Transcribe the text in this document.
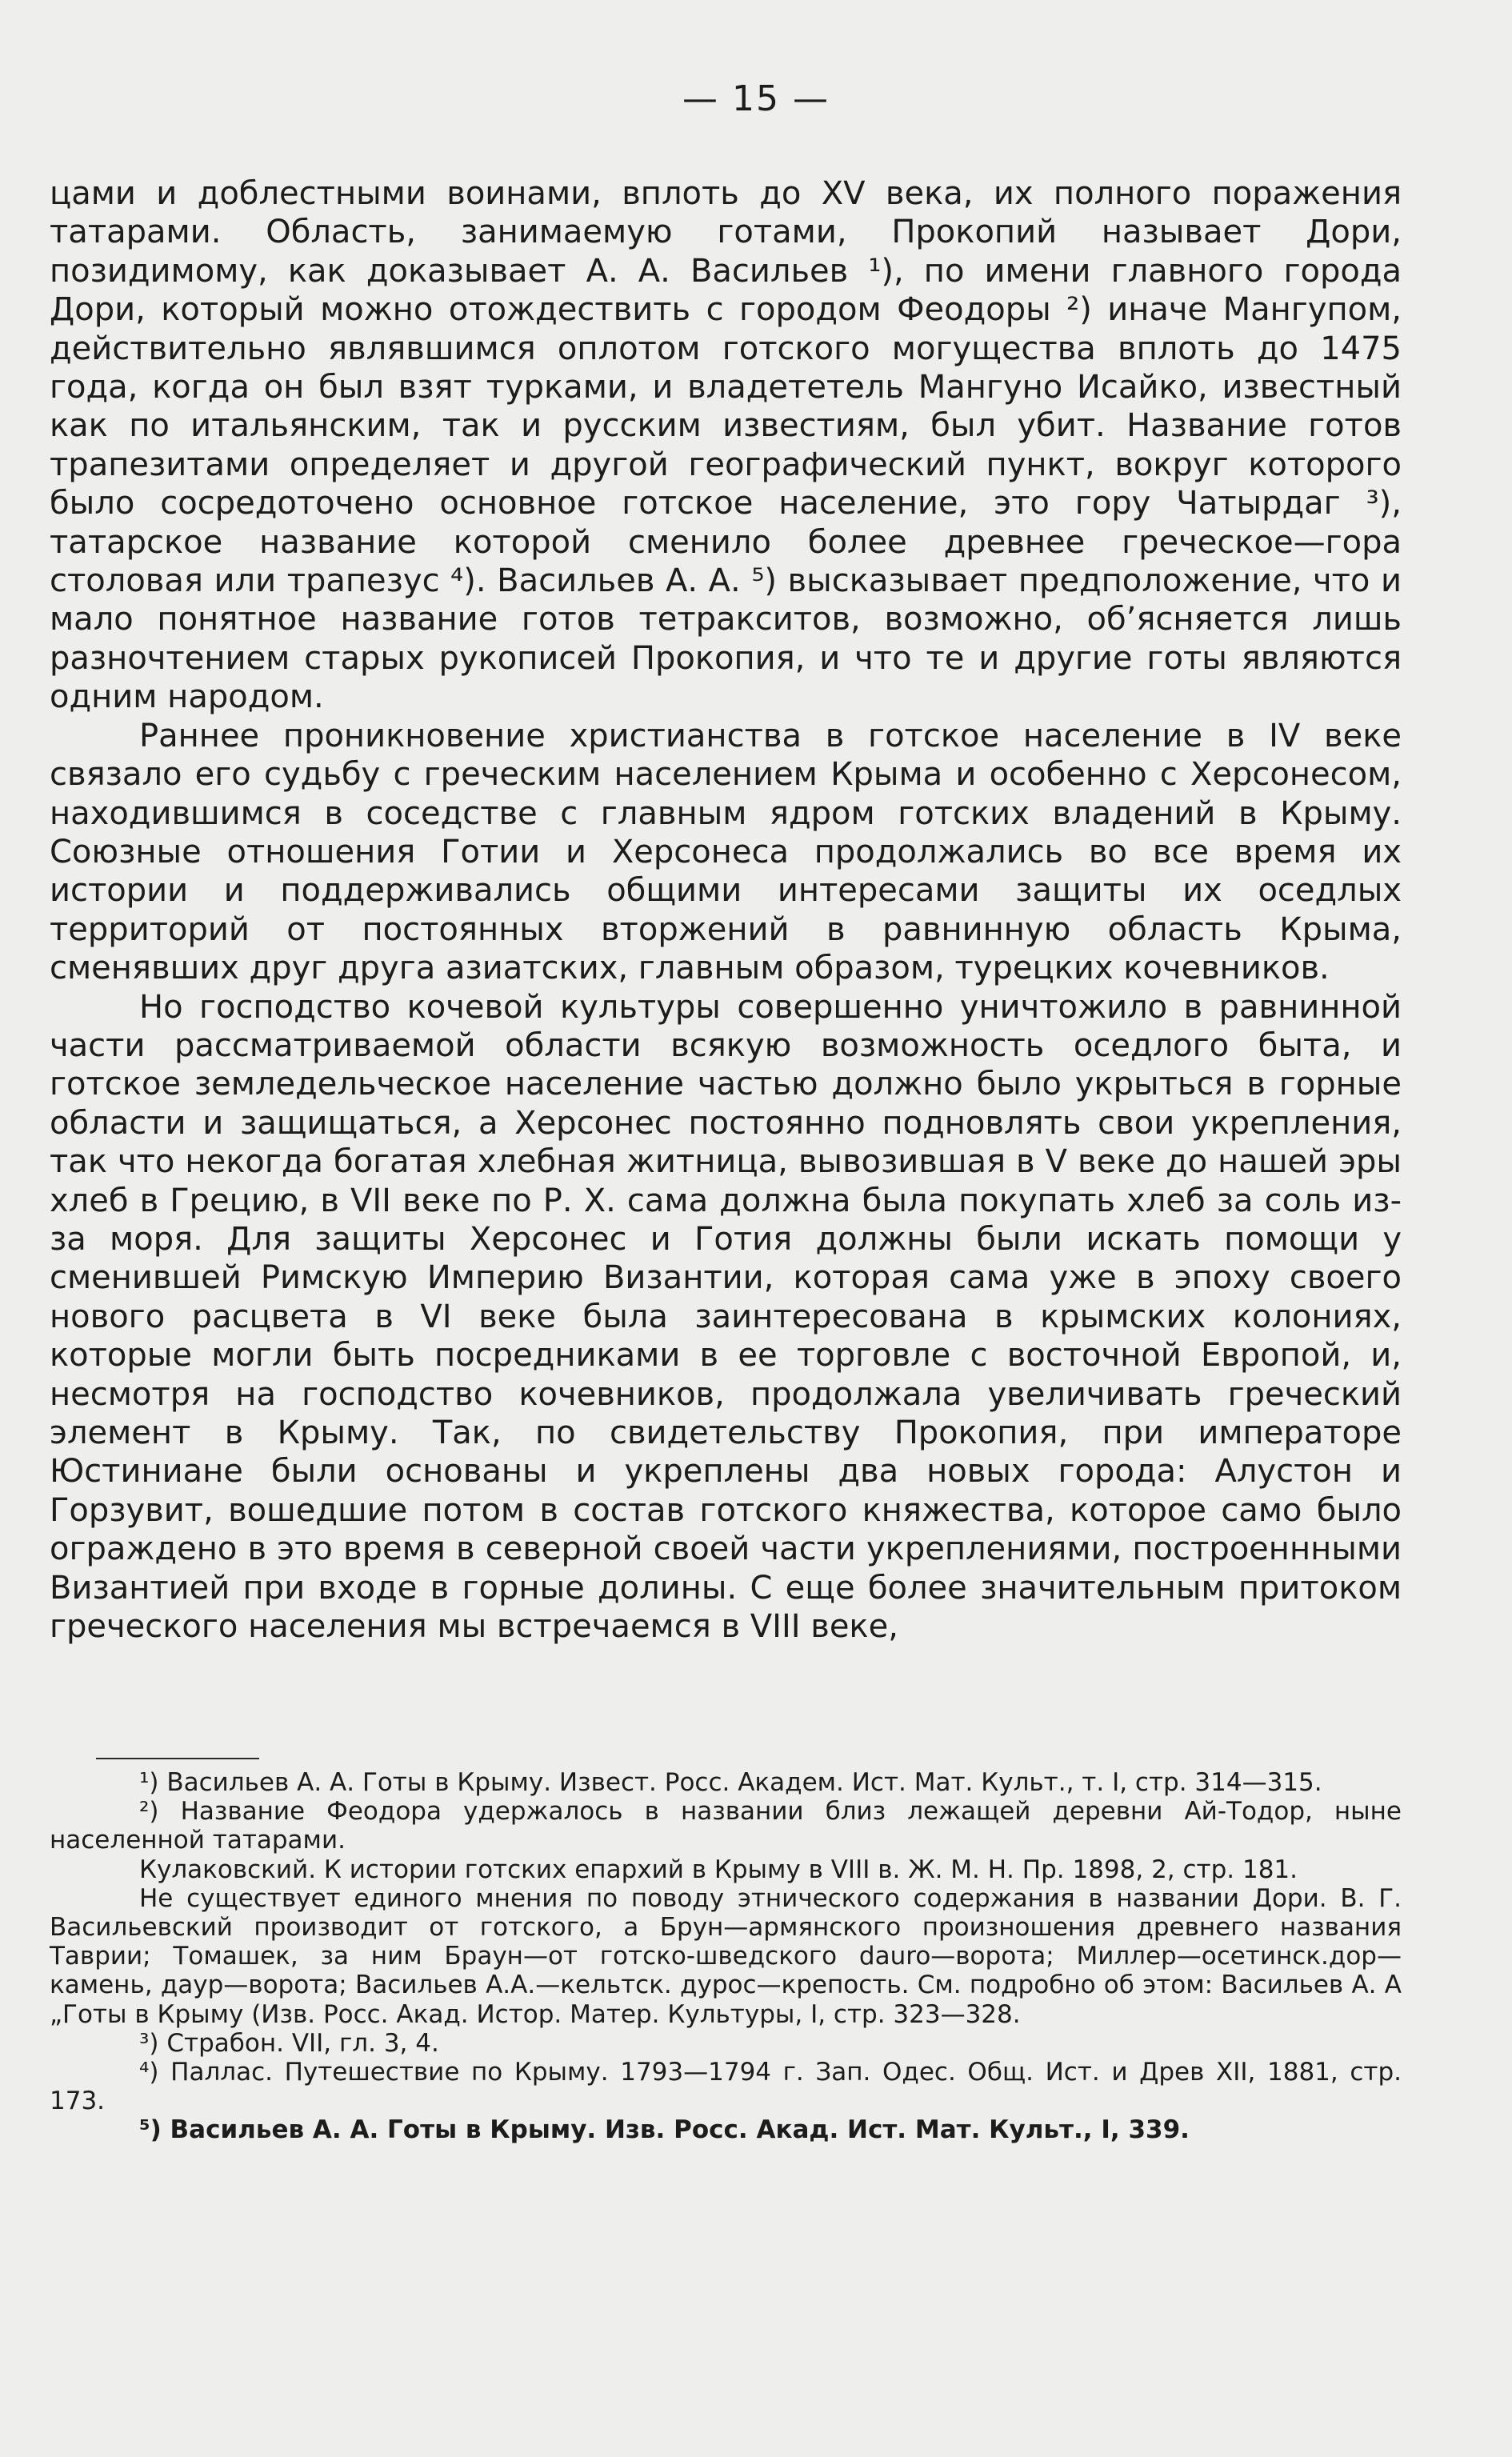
— 15 —

цами и доблестными воинами, вплоть до XV века, их полного поражения татарами. Область, занимаемую готами, Прокопий называет Дори, позидимому, как доказывает А. А. Васильев ¹), по имени главного города Дори, который можно отождествить с городом Феодоры ²) иначе Мангупом, действительно являвшимся оплотом готского могущества вплоть до 1475 года, когда он был взят турками, и владететель Мангуно Исайко, известный как по итальянским, так и русским известиям, был убит. Название готов трапезитами определяет и другой географический пункт, вокруг которого было сосредоточено основное готское население, это гору Чатырдаг ³), татарское название которой сменило более древнее греческое—гора столовая или трапезус ⁴). Васильев А. А. ⁵) высказывает предположение, что и мало понятное название готов тетракситов, возможно, об’ясняется лишь разночтением старых рукописей Прокопия, и что те и другие готы являются одним народом.

Раннее проникновение христианства в готское население в IV веке связало его судьбу с греческим населением Крыма и особенно с Херсонесом, находившимся в соседстве с главным ядром готских владений в Крыму. Союзные отношения Готии и Херсонеса продолжались во все время их истории и поддерживались общими интересами защиты их оседлых территорий от постоянных вторжений в равнинную область Крыма, сменявших друг друга азиатских, главным образом, турецких кочевников.

Но господство кочевой культуры совершенно уничтожило в равнинной части рассматриваемой области всякую возможность оседлого быта, и готское земледельческое население частью должно было укрыться в горные области и защищаться, а Херсонес постоянно подновлять свои укрепления, так что некогда богатая хлебная житница, вывозившая в V веке до нашей эры хлеб в Грецию, в VII веке по Р. Х. сама должна была покупать хлеб за соль из-за моря. Для защиты Херсонес и Готия должны были искать помощи у сменившей Римскую Империю Византии, которая сама уже в эпоху своего нового расцвета в VI веке была заинтересована в крымских колониях, которые могли быть посредниками в ее торговле с восточной Европой, и, несмотря на господство кочевников, продолжала увеличивать греческий элемент в Крыму. Так, по свидетельству Прокопия, при императоре Юстиниане были основаны и укреплены два новых города: Алустон и Горзувит, вошедшие потом в состав готского княжества, которое само было ограждено в это время в северной своей части укреплениями, построеннными Византией при входе в горные долины. С еще более значительным притоком греческого населения мы встречаемся в VIII веке,

¹) Васильев А. А. Готы в Крыму. Извест. Росс. Академ. Ист. Мат. Культ., т. I, стр. 314—315.

²) Название Феодора удержалось в названии близ лежащей деревни Ай-Тодор, ныне населенной татарами.

Кулаковский. К истории готских епархий в Крыму в VIII в. Ж. М. Н. Пр. 1898, 2, стр. 181.

Не существует единого мнения по поводу этнического содержания в названии Дори. В. Г. Васильевский производит от готского, а Брун—армянского произношения древнего названия Таврии; Томашек, за ним Браун—от готско-шведского dauro—ворота; Миллер—осетинск.дор—камень, даур—ворота; Васильев А.А.—кельтск. дурос—крепость. См. подробно об этом: Васильев А. А „Готы в Крыму (Изв. Росс. Акад. Истор. Матер. Культуры, I, стр. 323—328.

³) Страбон. VII, гл. 3, 4.

⁴) Паллас. Путешествие по Крыму. 1793—1794 г. Зап. Одес. Общ. Ист. и Древ XII, 1881, стр. 173.

⁵) Васильев А. А. Готы в Крыму. Изв. Росс. Акад. Ист. Мат. Культ., I, 339.
